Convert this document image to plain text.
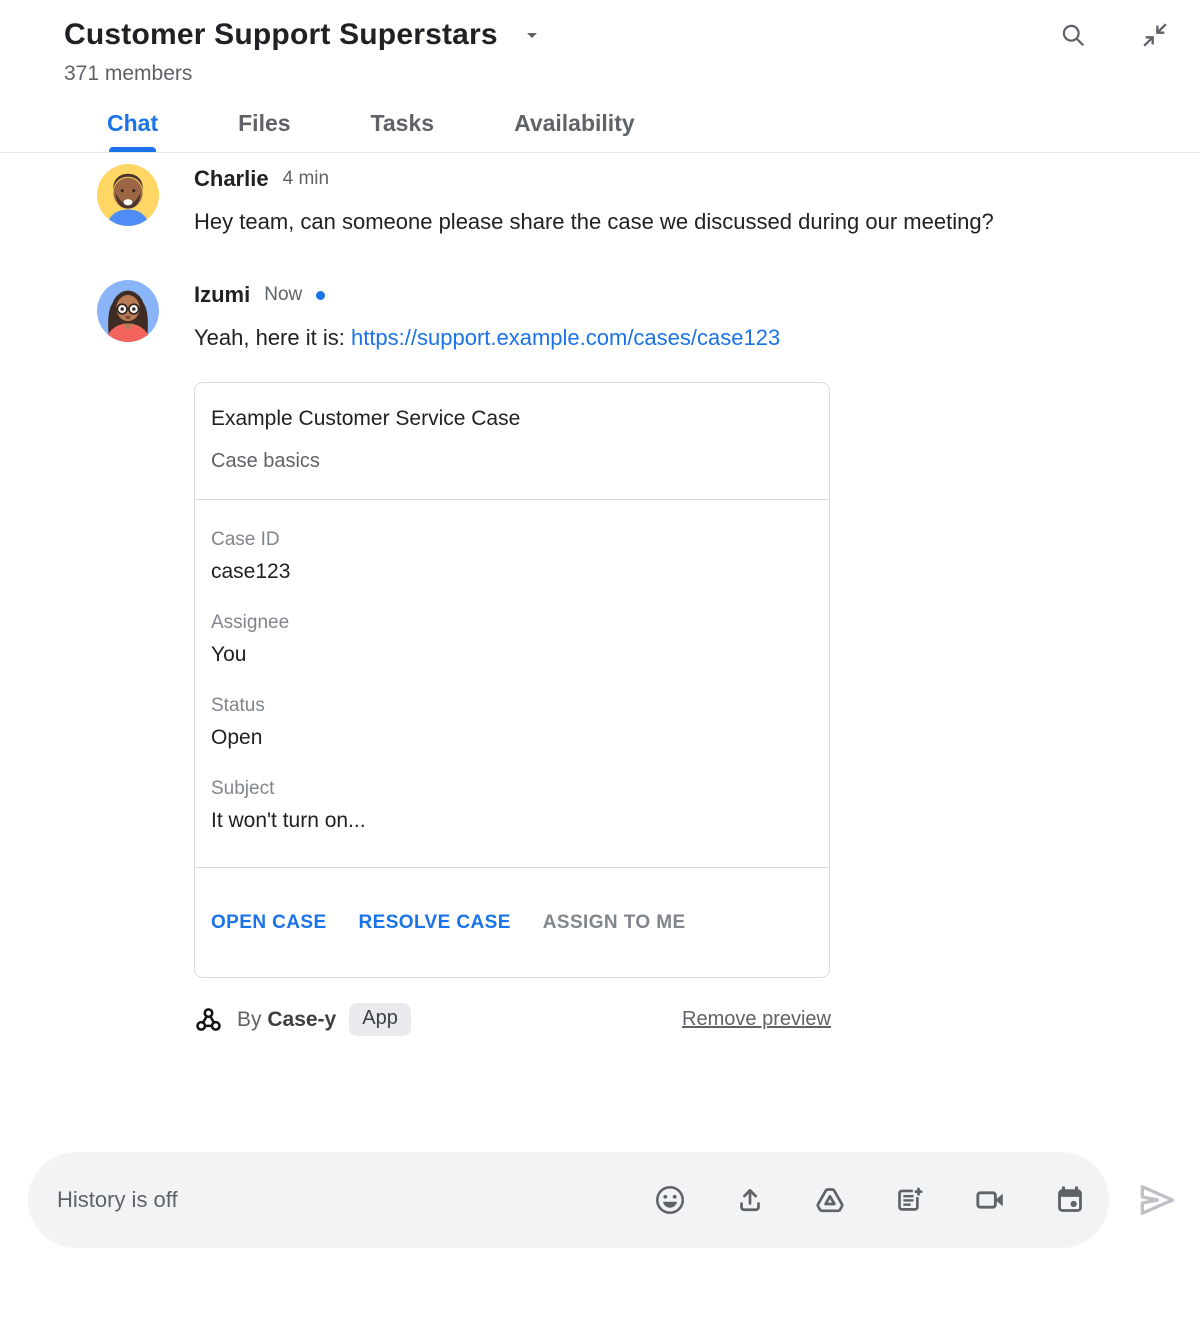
Customer Support Superstars
371 members
Chat	Files	Tasks	Availability
Charlie 4 min
Hey team, can someone please share the case we discussed during our meeting?
Izumi Now
Yeah, here it is: https://support.example.com/cases/case123
Example Customer Service Case
Case basics
Case ID
case123
Assignee
You
Status
Open
Subject
It won't turn on...
OPEN CASE RESOLVE CASE ASSIGN TO ME
By Case-y	App	Remove preview
History is off
